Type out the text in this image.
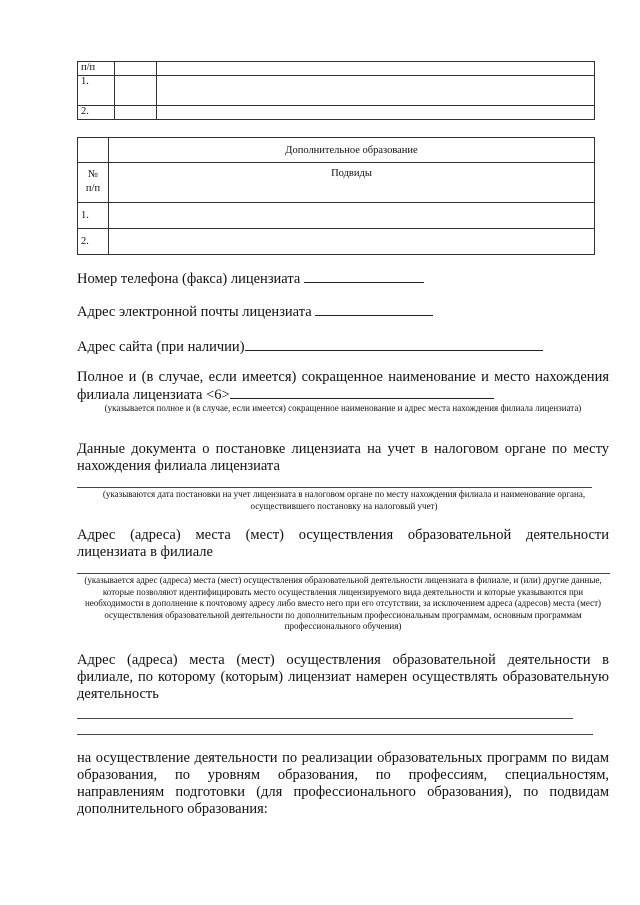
п/п		
1.		
2.		
	Дополнительное образование
№
п/п	Подвиды
1.	
2.	
Номер телефона (факса) лицензиата
Адрес электронной почты лицензиата
Адрес сайта (при наличии)
Полное и (в случае, если имеется) сокращенное наименование и место нахождения филиала лицензиата <6>
(указывается полное и (в случае, если имеется) сокращенное наименование и адрес места нахождения филиала лицензиата)
Данные документа о постановке лицензиата на учет в налоговом органе по месту нахождения филиала лицензиата
(указываются дата постановки на учет лицензиата в налоговом органе по месту нахождения филиала и наименование органа, осуществившего постановку на налоговый учет)
Адрес (адреса) места (мест) осуществления образовательной деятельности лицензиата в филиале
(указывается адрес (адреса) места (мест) осуществления образовательной деятельности лицензиата в филиале, и (или) другие данные, которые позволяют идентифицировать место осуществления лицензируемого вида деятельности и которые указываются при необходимости в дополнение к почтовому адресу либо вместо него при его отсутствии, за исключением адреса (адресов) места (мест) осуществления образовательной деятельности по дополнительным профессиональным программам, основным программам профессионального обучения)
Адрес (адреса) места (мест) осуществления образовательной деятельности в филиале, по которому (которым) лицензиат намерен осуществлять образовательную деятельность
на осуществление деятельности по реализации образовательных программ по видам образования, по уровням образования, по профессиям, специальностям, направлениям подготовки (для профессионального образования), по подвидам дополнительного образования:
